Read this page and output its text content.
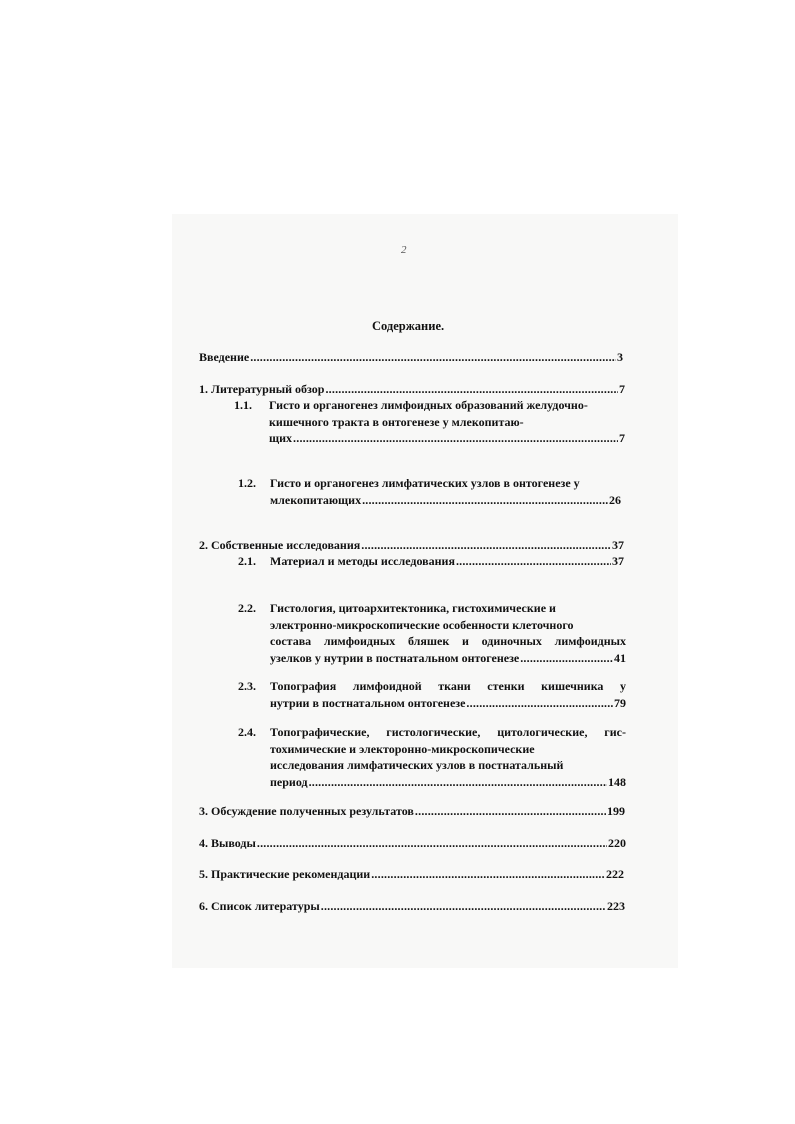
2
Содержание.
Введение .....	3
1. Литературный обзор .....	7
1.1. Гисто и органогенез лимфоидных образований желудочно-
кишечного тракта в онтогенезе у млекопитаю-
щих .....	7
1.2. Гисто и органогенез лимфатических узлов в онтогенезе у
млекопитающих .....	26
2. Собственные исследования .....	37
2.1. Материал и методы исследования .....	37
2.2. Гистология, цитоархитектоника, гистохимические и
электронно-микроскопические особенности клеточного
состава лимфоидных бляшек и одиночных лимфоидных
узелков у нутрии в постнатальном онтогенезе .....	41
2.3. Топография лимфоидной ткани стенки кишечника у
нутрии в постнатальном онтогенезе .....	79
2.4. Топографические, гистологические, цитологические, гис-
тохимические и электоронно-микроскопические
исследования лимфатических узлов в постнатальный
период .....	148
3. Обсуждение полученных результатов .....	199
4. Выводы .....	220
5. Практические рекомендации .....	222
6. Список литературы .....	223
